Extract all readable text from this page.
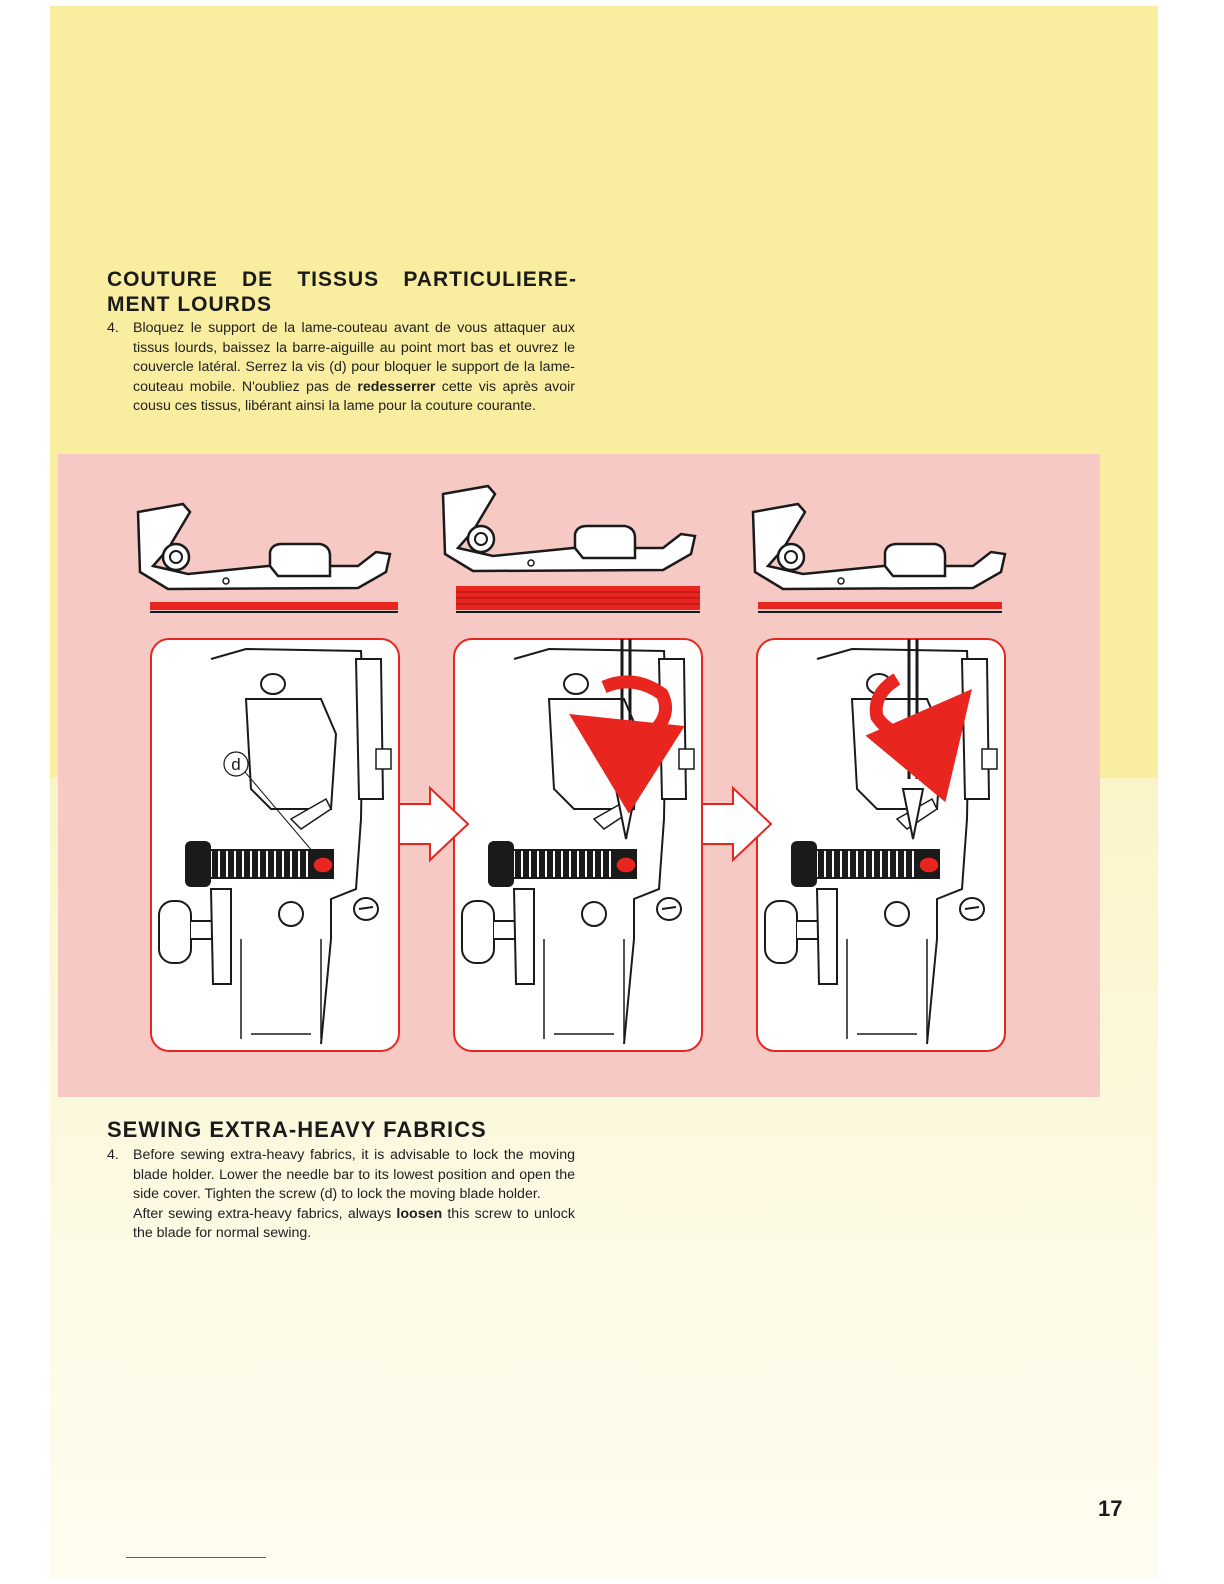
COUTURE DE TISSUS PARTICULIERE-
MENT LOURDS
4. Bloquez le support de la lame-couteau avant de vous attaquer aux tissus lourds, baissez la barre-aiguille au point mort bas et ouvrez le couvercle latéral. Serrez la vis (d) pour bloquer le support de la lame-couteau mobile. N'oubliez pas de redesserrer cette vis après avoir cousu ces tissus, libérant ainsi la lame pour la couture courante.

d
SEWING EXTRA-HEAVY FABRICS
4. Before sewing extra-heavy fabrics, it is advisable to lock the moving blade holder. Lower the needle bar to its lowest position and open the side cover. Tighten the screw (d) to lock the moving blade holder.

After sewing extra-heavy fabrics, always loosen this screw to unlock the blade for normal sewing.

17
